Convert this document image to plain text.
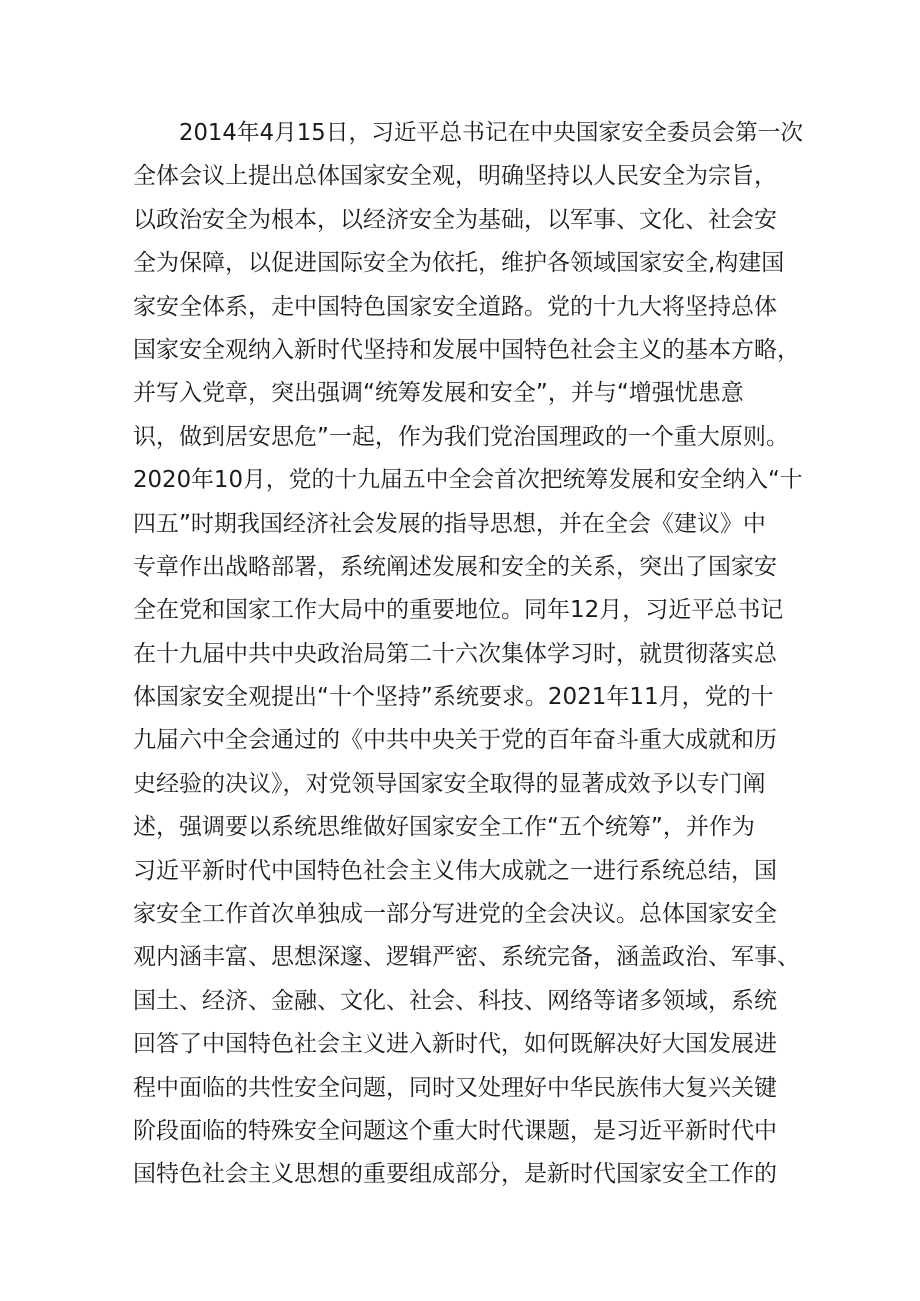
2014年4月15日，习近平总书记在中央国家安全委员会第一次
全体会议上提出总体国家安全观，明确坚持以人民安全为宗旨，
以政治安全为根本，以经济安全为基础，以军事、文化、社会安
全为保障，以促进国际安全为依托，维护各领域国家安全,构建国
家安全体系，走中国特色国家安全道路。党的十九大将坚持总体
国家安全观纳入新时代坚持和发展中国特色社会主义的基本方略，
并写入党章，突出强调“统筹发展和安全”，并与“增强忧患意
识，做到居安思危”一起，作为我们党治国理政的一个重大原则。
2020年10月，党的十九届五中全会首次把统筹发展和安全纳入“十
四五”时期我国经济社会发展的指导思想，并在全会《建议》中
专章作出战略部署，系统阐述发展和安全的关系，突出了国家安
全在党和国家工作大局中的重要地位。同年12月，习近平总书记
在十九届中共中央政治局第二十六次集体学习时，就贯彻落实总
体国家安全观提出“十个坚持”系统要求。2021年11月，党的十
九届六中全会通过的《中共中央关于党的百年奋斗重大成就和历
史经验的决议》，对党领导国家安全取得的显著成效予以专门阐
述，强调要以系统思维做好国家安全工作“五个统筹”，并作为
习近平新时代中国特色社会主义伟大成就之一进行系统总结，国
家安全工作首次单独成一部分写进党的全会决议。总体国家安全
观内涵丰富、思想深邃、逻辑严密、系统完备，涵盖政治、军事、
国土、经济、金融、文化、社会、科技、网络等诸多领域，系统
回答了中国特色社会主义进入新时代，如何既解决好大国发展进
程中面临的共性安全问题，同时又处理好中华民族伟大复兴关键
阶段面临的特殊安全问题这个重大时代课题，是习近平新时代中
国特色社会主义思想的重要组成部分，是新时代国家安全工作的
